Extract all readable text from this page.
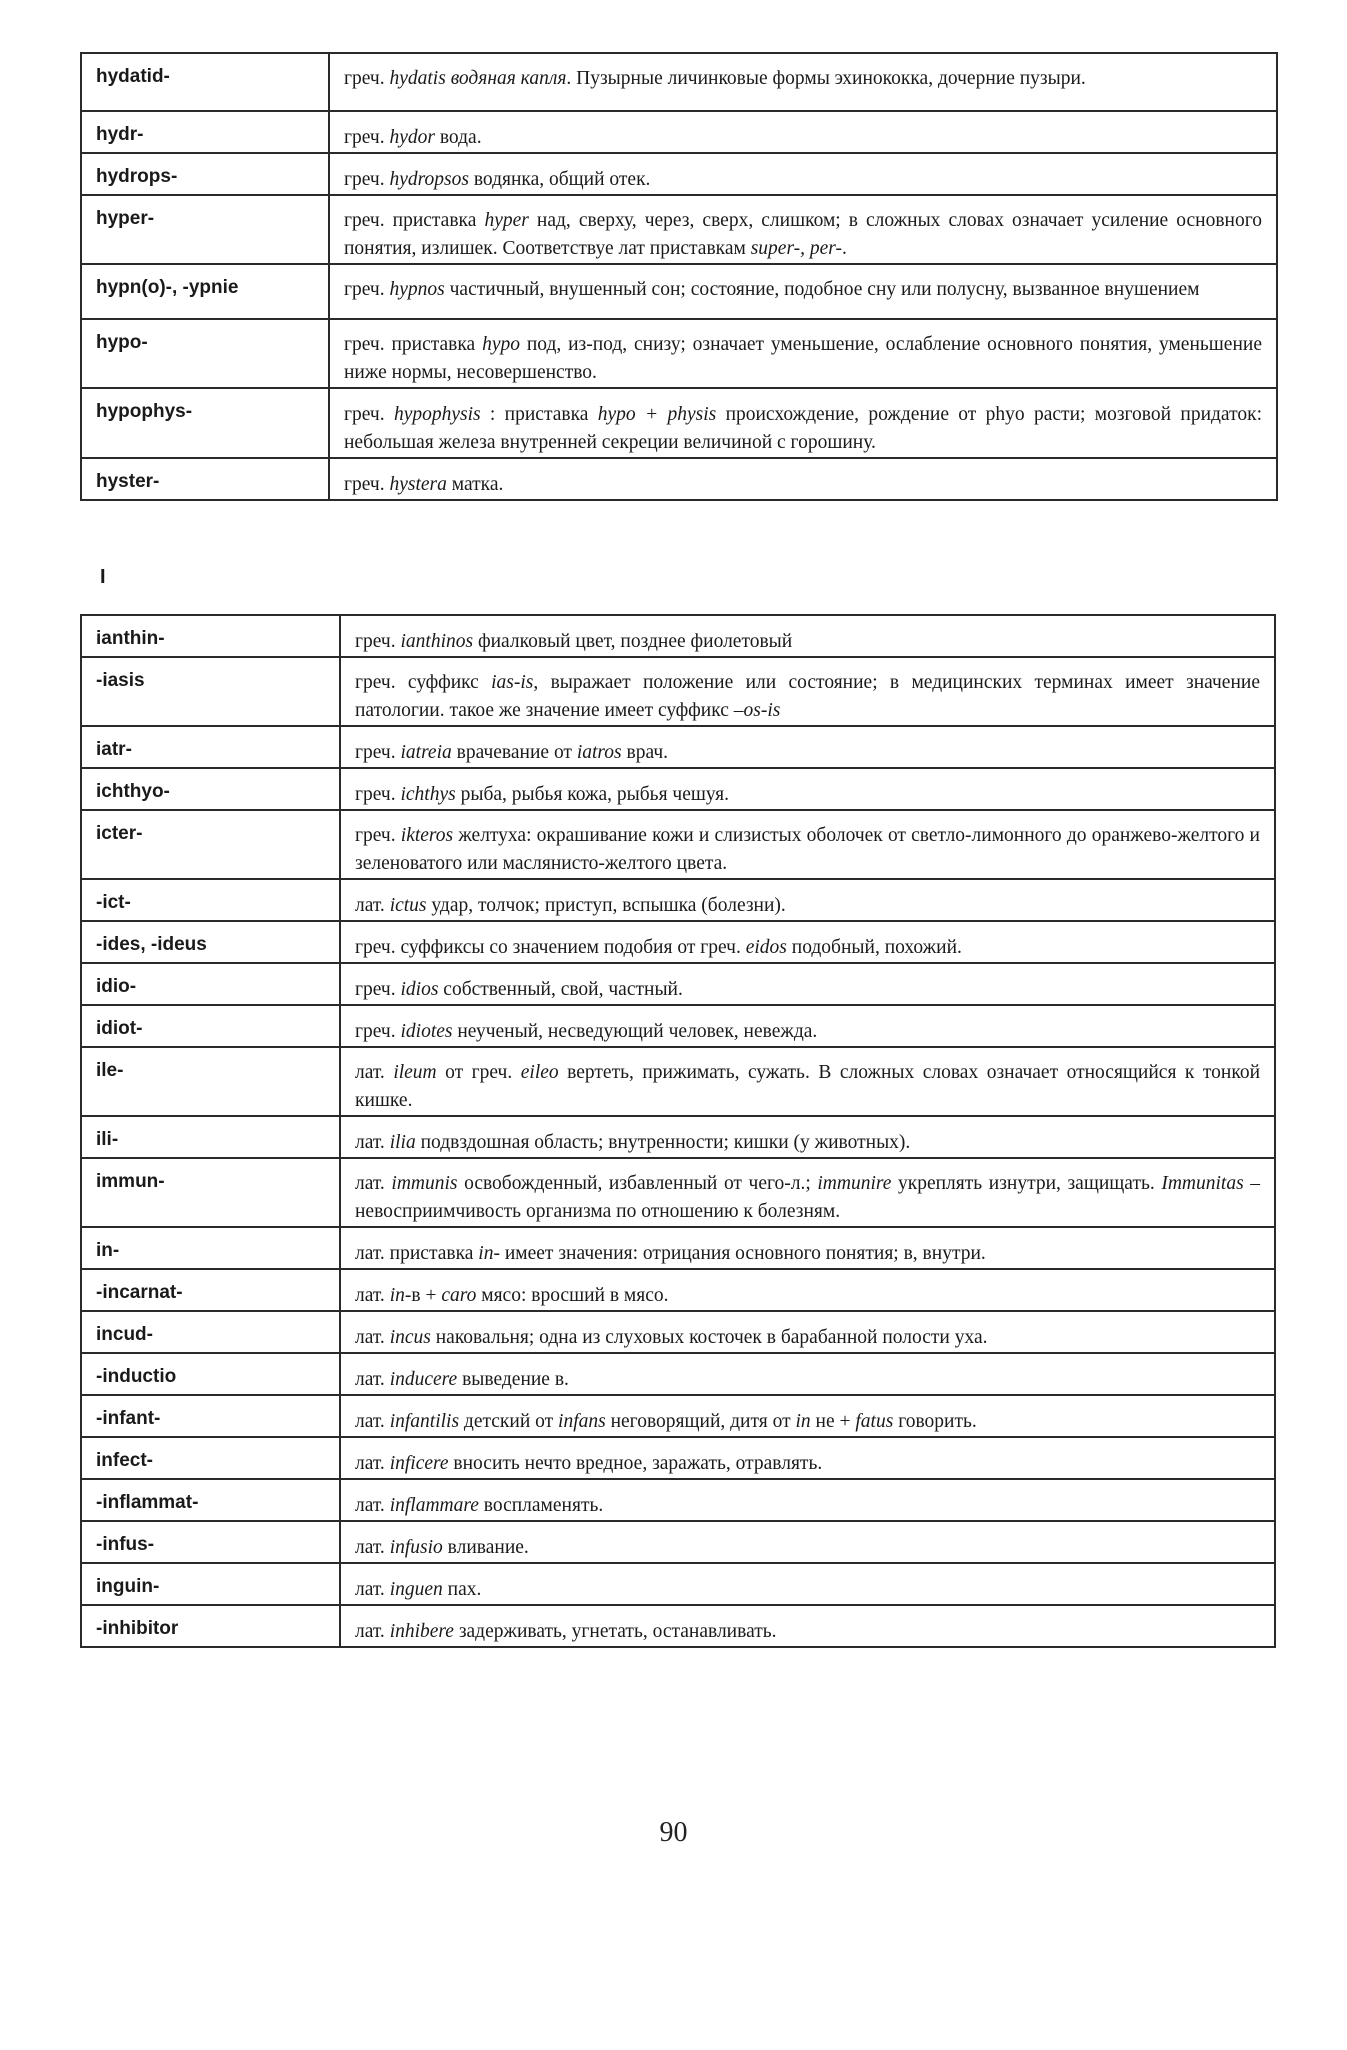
hydatid-	греч. hydatis водяная капля. Пузырные личинковые формы эхинококка, дочерние пузыри.
hydr-	греч. hydor вода.
hydrops-	греч. hydropsos водянка, общий отек.
hyper-	греч. приставка hyper над, сверху, через, сверх, слишком; в сложных словах означает усиление основного понятия, излишек. Соответствуе лат приставкам super-, per-.
hypn(o)-, -ypnie	греч. hypnos частичный, внушенный сон; состояние, подобное сну или полусну, вызванное внушением
hypo-	греч. приставка hypo под, из-под, снизу; означает уменьшение, ослабление основного понятия, уменьшение ниже нормы, несовершенство.
hypophys-	греч. hypophysis : приставка hypo + physis происхождение, рождение от phyo расти; мозговой придаток: небольшая железа внутренней секреции величиной с горошину.
hyster-	греч. hystera матка.
I
ianthin-	греч. ianthinos фиалковый цвет, позднее фиолетовый
-iasis	греч. суффикс ias-is, выражает положение или состояние; в медицинских терминах имеет значение патологии. такое же значение имеет суффикс –os-is
iatr-	греч. iatreia врачевание от iatros врач.
ichthyo-	греч. ichthys рыба, рыбья кожа, рыбья чешуя.
icter-	греч. ikteros желтуха: окрашивание кожи и слизистых оболочек от светло-лимонного до оранжево-желтого и зеленоватого или маслянисто-желтого цвета.
-ict-	лат. ictus удар, толчок; приступ, вспышка (болезни).
-ides, -ideus	греч. суффиксы со значением подобия от греч. eidos подобный, похожий.
idio-	греч. idios собственный, свой, частный.
idiot-	греч. idiotes неученый, несведующий человек, невежда.
ile-	лат. ileum от греч. eileo вертеть, прижимать, сужать. В сложных словах означает относящийся к тонкой кишке.
ili-	лат. ilia подвздошная область; внутренности; кишки (у животных).
immun-	лат. immunis освобожденный, избавленный от чего-л.; immunire укреплять изнутри, защищать. Immunitas – невосприимчивость организма по отношению к болезням.
in-	лат. приставка in- имеет значения: отрицания основного понятия; в, внутри.
-incarnat-	лат. in-в + caro мясо: вросший в мясо.
incud-	лат. incus наковальня; одна из слуховых косточек в барабанной полости уха.
-inductio	лат. inducere выведение в.
-infant-	лат. infantilis детский от infans неговорящий, дитя от in не + fatus говорить.
infect-	лат. inficere вносить нечто вредное, заражать, отравлять.
-inflammat-	лат. inflammare воспламенять.
-infus-	лат. infusio вливание.
inguin-	лат. inguen пах.
-inhibitor	лат. inhibere задерживать, угнетать, останавливать.
90
